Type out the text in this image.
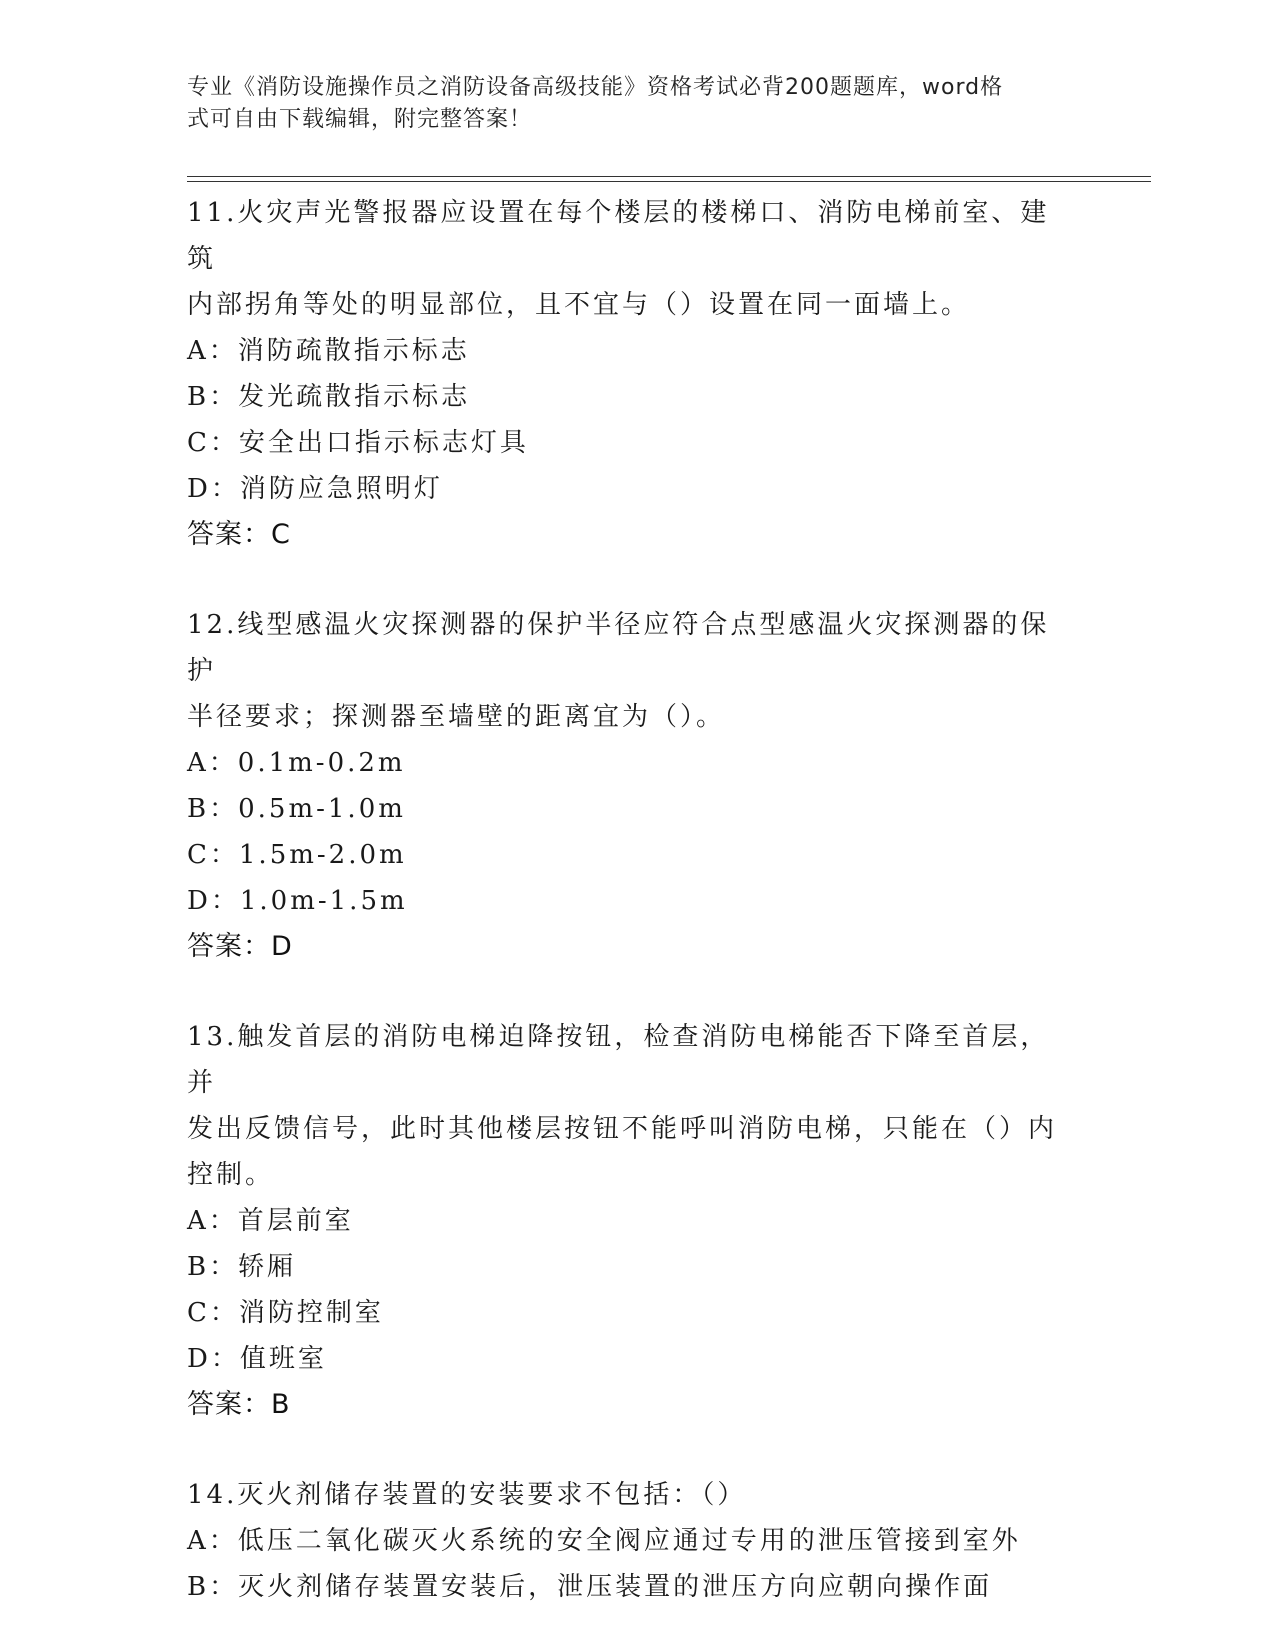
专业《消防设施操作员之消防设备高级技能》资格考试必背200题题库，word格
式可自由下载编辑，附完整答案！

11.火灾声光警报器应设置在每个楼层的楼梯口、消防电梯前室、建筑

内部拐角等处的明显部位，且不宜与（）设置在同一面墙上。

A：消防疏散指示标志

B：发光疏散指示标志

C：安全出口指示标志灯具

D：消防应急照明灯

答案：C

12.线型感温火灾探测器的保护半径应符合点型感温火灾探测器的保护

半径要求；探测器至墙壁的距离宜为（）。

A：0.1m-0.2m

B：0.5m-1.0m

C：1.5m-2.0m

D：1.0m-1.5m

答案：D

13.触发首层的消防电梯迫降按钮，检查消防电梯能否下降至首层，并

发出反馈信号，此时其他楼层按钮不能呼叫消防电梯，只能在（）内

控制。

A：首层前室

B：轿厢

C：消防控制室

D：值班室

答案：B

14.灭火剂储存装置的安装要求不包括：（）

A：低压二氧化碳灭火系统的安全阀应通过专用的泄压管接到室外

B：灭火剂储存装置安装后，泄压装置的泄压方向应朝向操作面
